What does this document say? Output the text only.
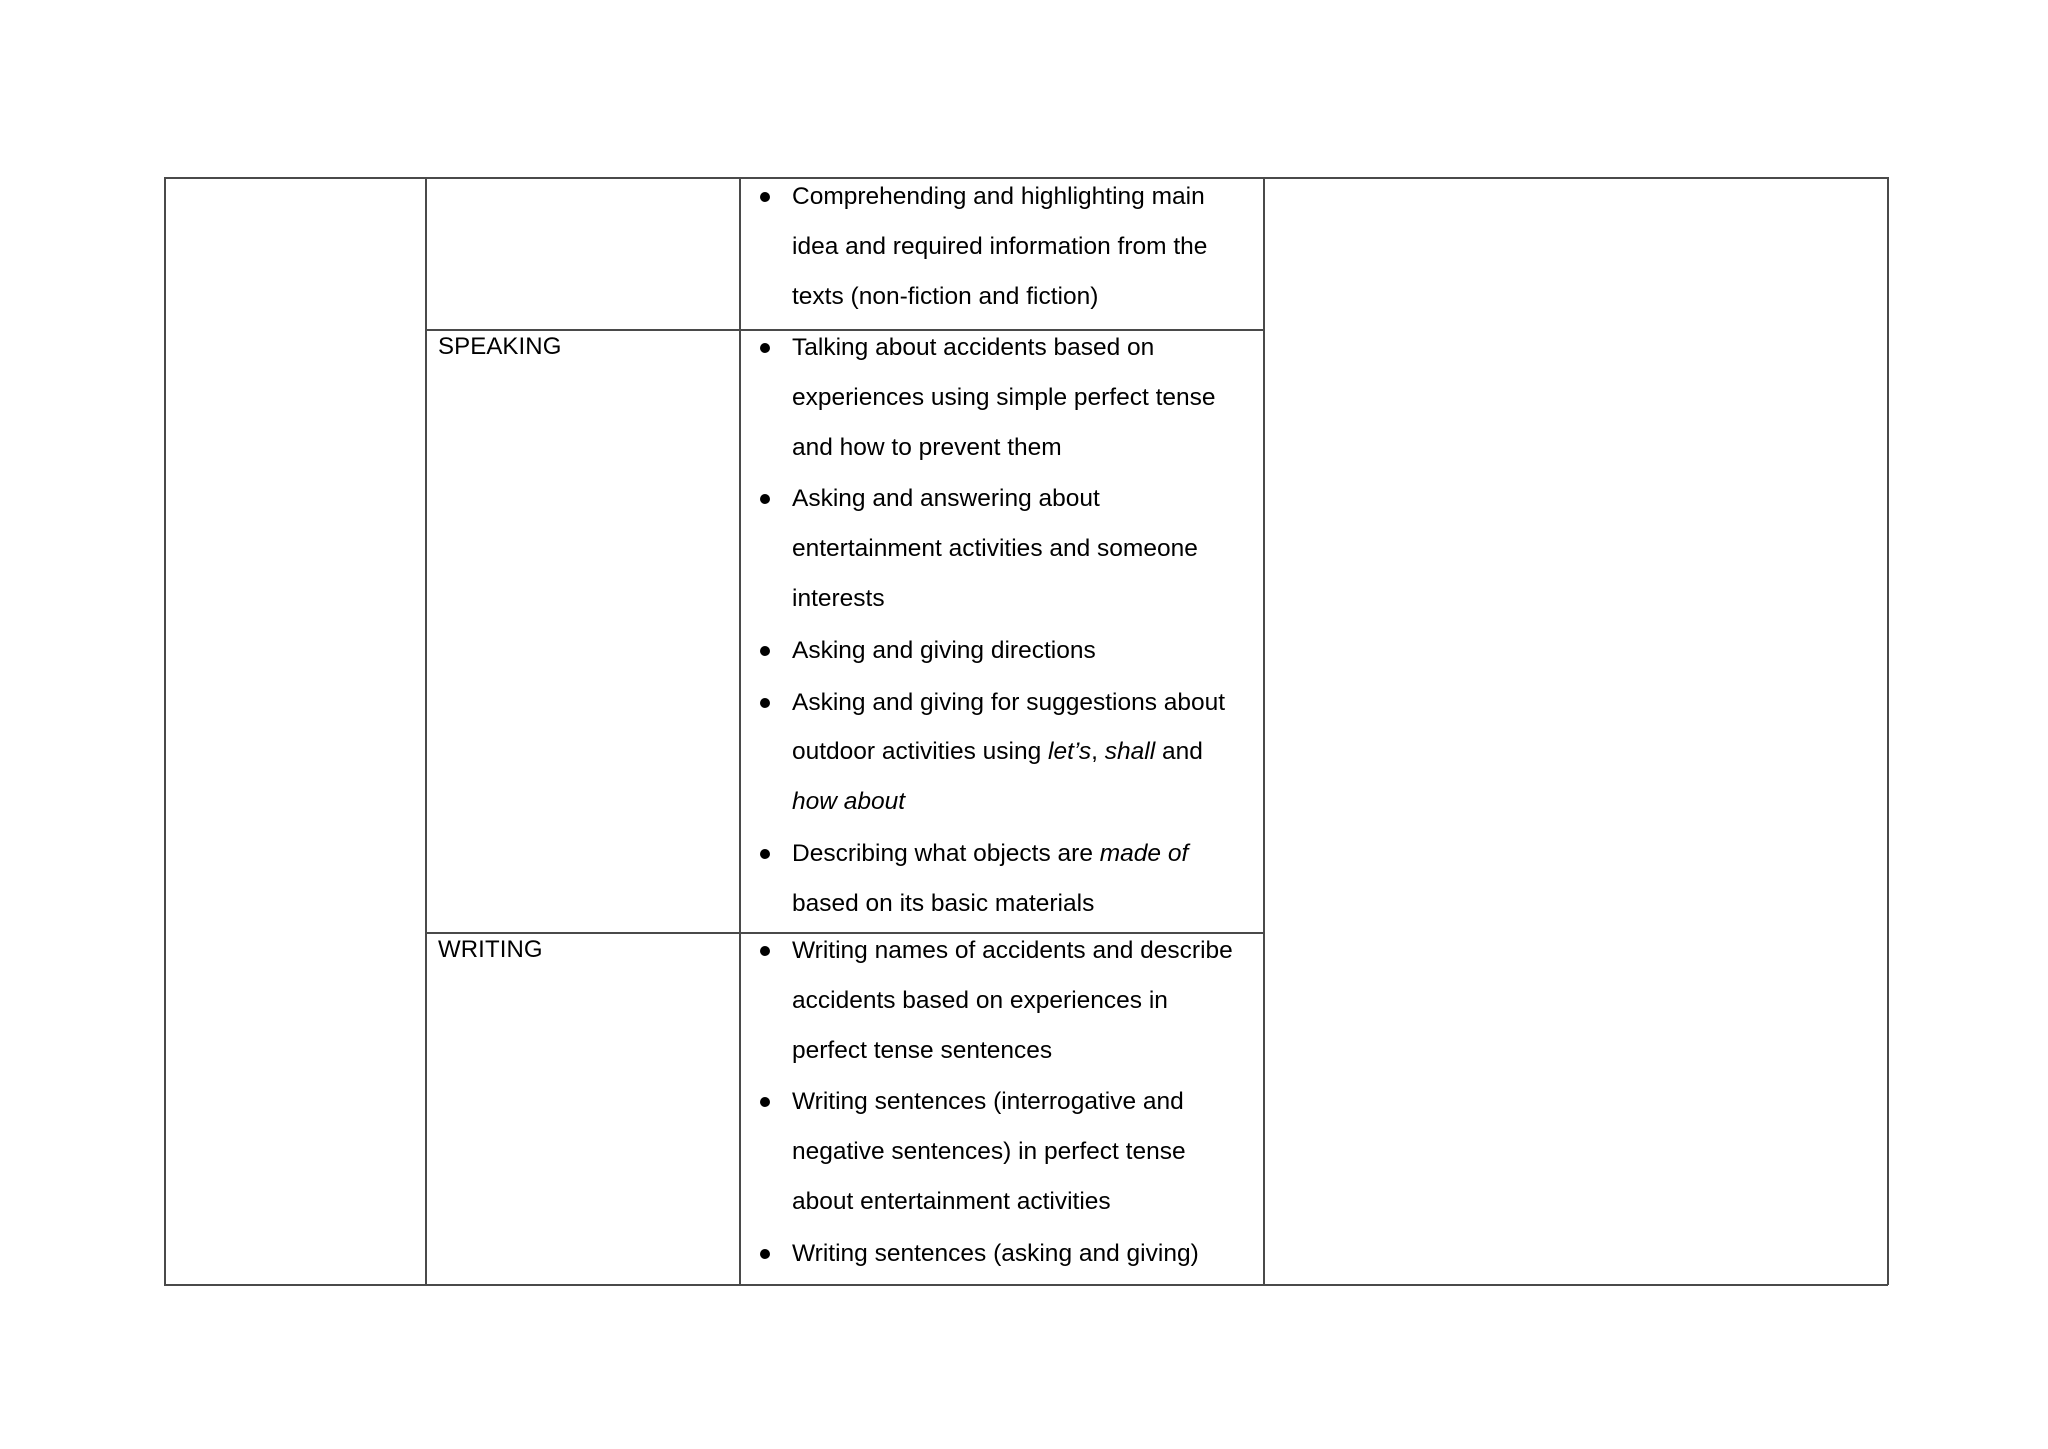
SPEAKING
WRITING
Comprehending and highlighting main
idea and required information from the
texts (non-fiction and fiction)
Talking about accidents based on
experiences using simple perfect tense
and how to prevent them
Asking and answering about
entertainment activities and someone
interests
Asking and giving directions
Asking and giving for suggestions about
outdoor activities using let’s, shall and
how about
Describing what objects are made of
based on its basic materials
Writing names of accidents and describe
accidents based on experiences in
perfect tense sentences
Writing sentences (interrogative and
negative sentences) in perfect tense
about entertainment activities
Writing sentences (asking and giving)
